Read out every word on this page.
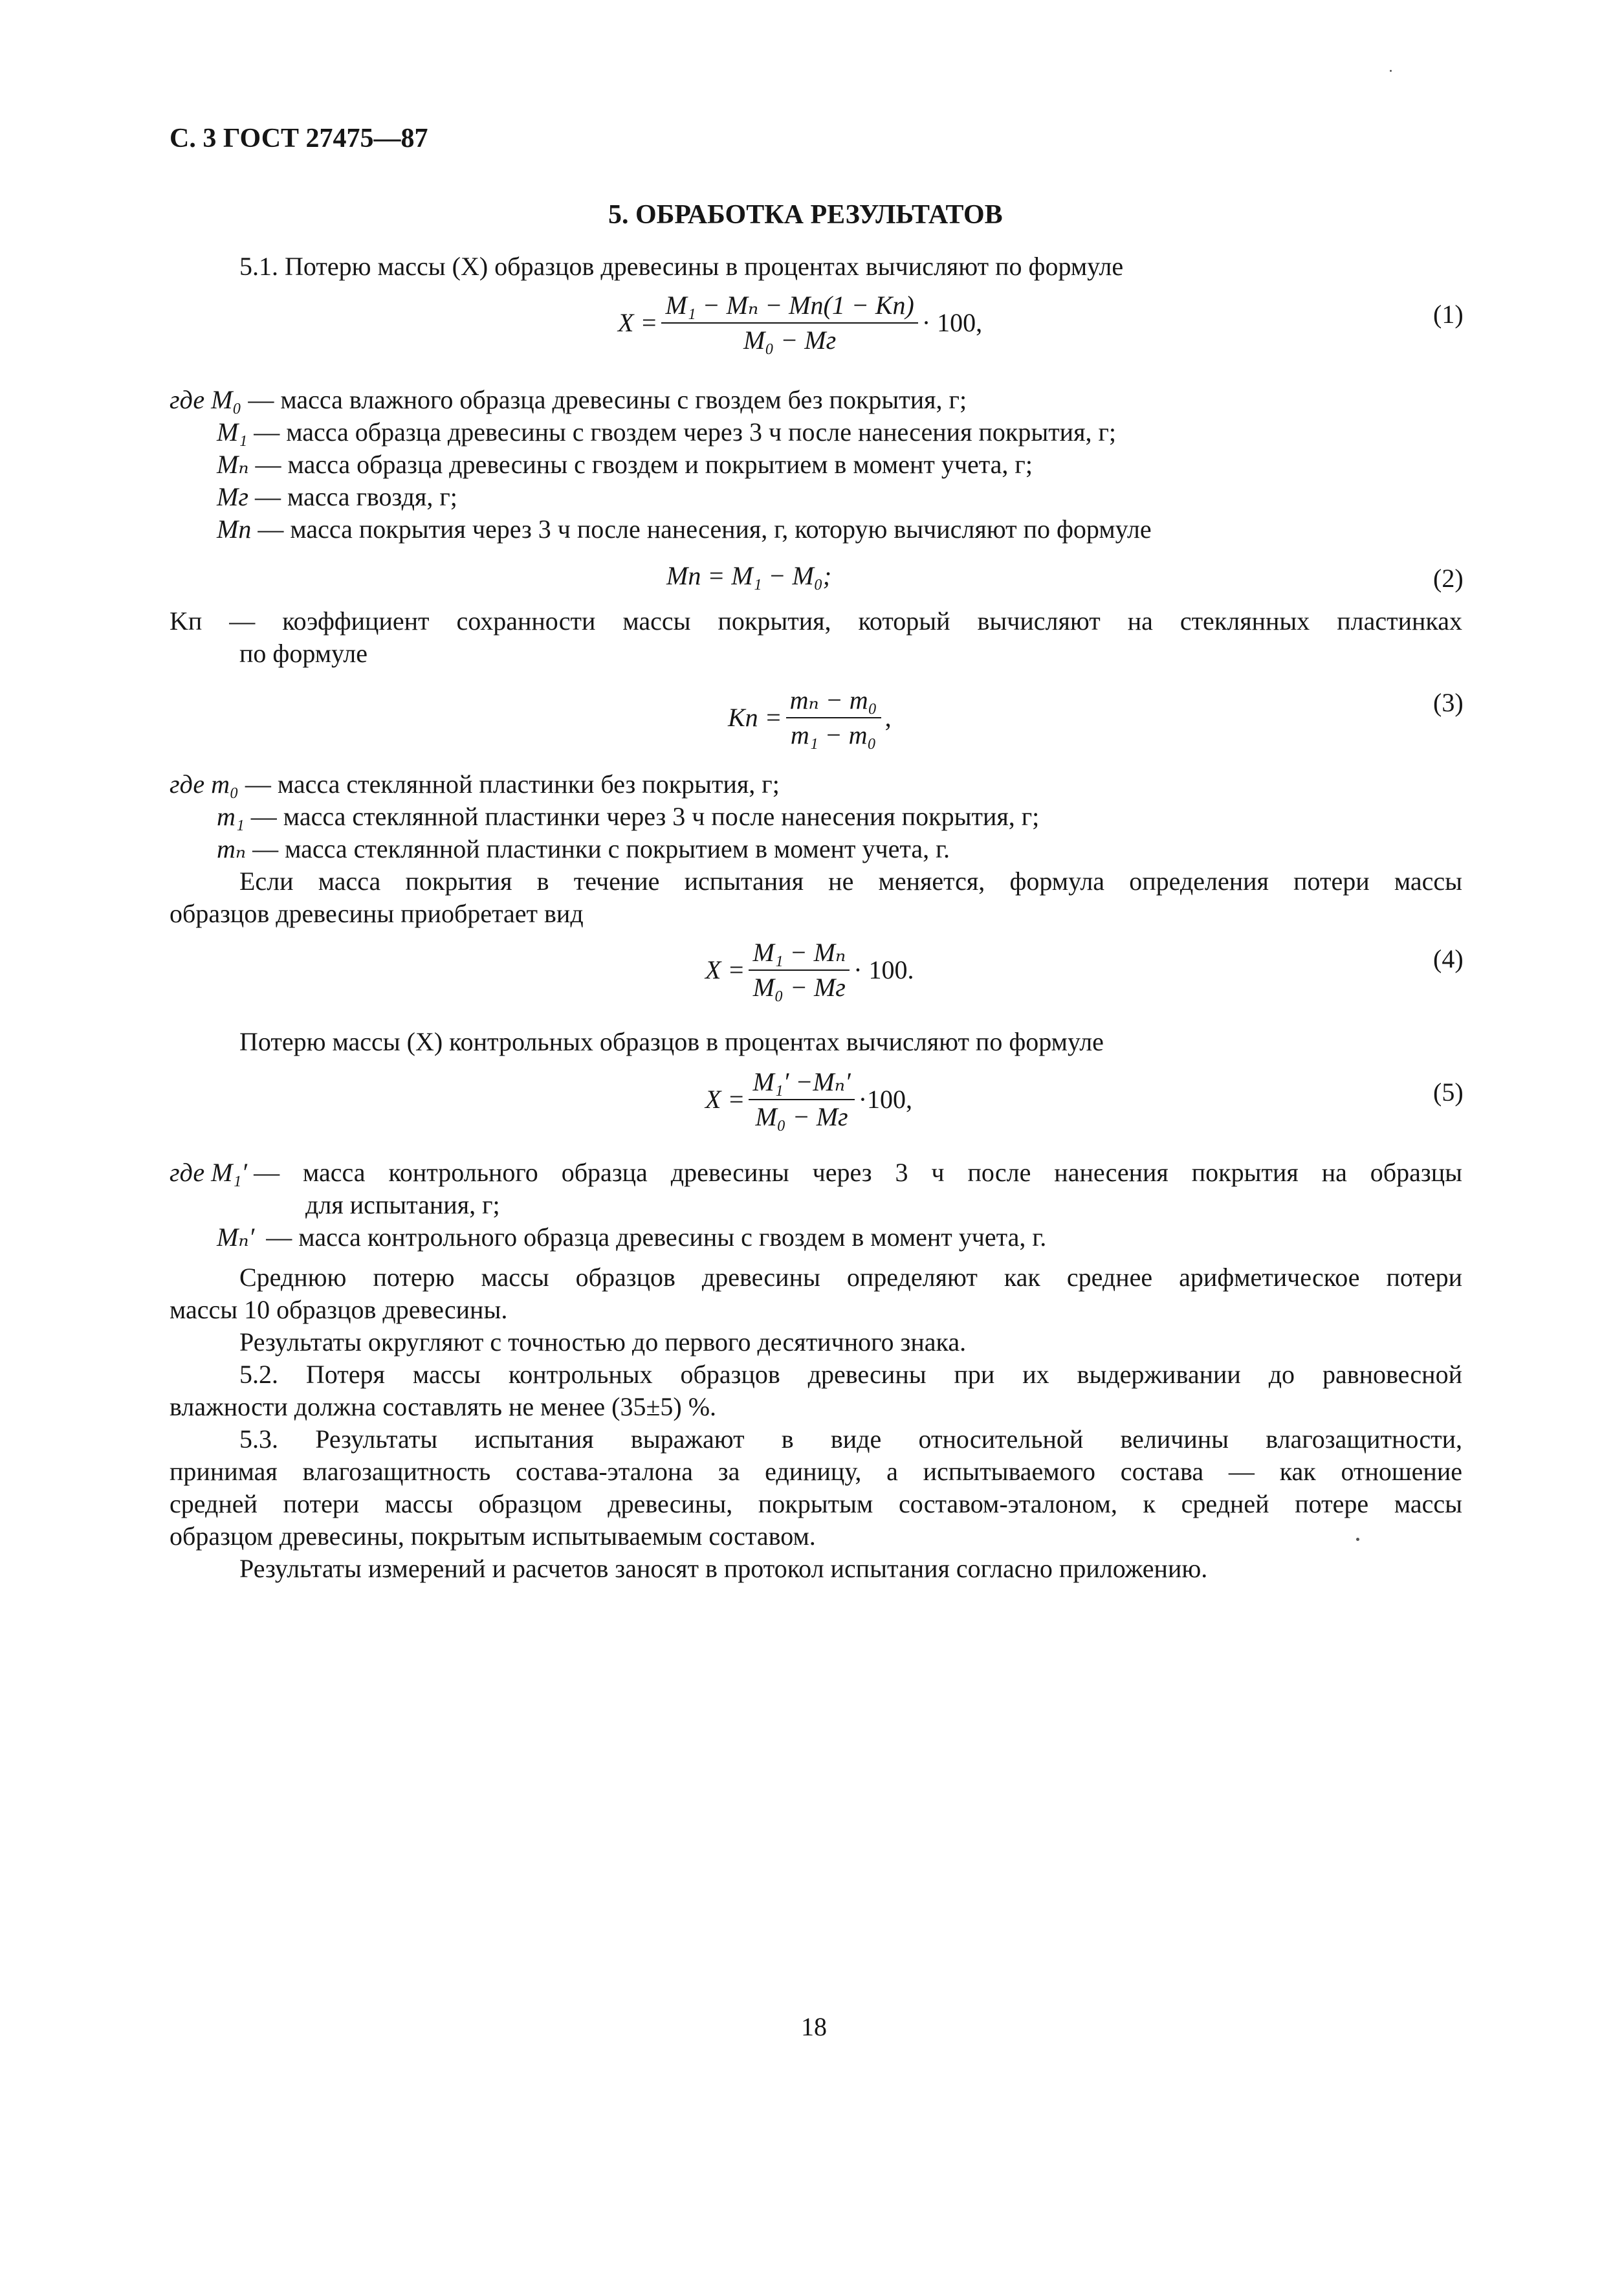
С. 3 ГОСТ 27475—87
5. ОБРАБОТКА РЕЗУЛЬТАТОВ
5.1. Потерю массы (X) образцов древесины в процентах вычисляют по формуле
$X = \frac{\text{M₁ − Mₙ − Mп(1 − Kп)}}{\text{M₀ − Mг}} \cdot 100$,	(1)
где M₀ — масса влажного образца древесины с гвоздем без покрытия, г;
M₁ — масса образца древесины с гвоздем через 3 ч после нанесения покрытия, г;
Mₙ — масса образца древесины с гвоздем и покрытием в момент учета, г;
Mг — масса гвоздя, г;
Mп — масса покрытия через 3 ч после нанесения, г, которую вычисляют по формуле
Mп = M₁ − M₀;	(2)
Kп — коэффициент сохранности массы покрытия, который вычисляют на стеклянных пластинках
по формуле
Kп = $\frac{\text{mₙ − m₀}}{\text{m₁ − m₀}}$ ,
(3)
где m₀ — масса стеклянной пластинки без покрытия, г;
m₁ — масса стеклянной пластинки через 3 ч после нанесения покрытия, г;
mₙ — масса стеклянной пластинки с покрытием в момент учета, г.
Если масса покрытия в течение испытания не меняется, формула определения потери массы
образцов древесины приобретает вид
$X = \frac{\text{M₁ − Mₙ}}{\text{M₀ − Mг}} \cdot 100$.	(4)
Потерю массы (X) контрольных образцов в процентах вычисляют по формуле
$X = \frac{\text{M₁′ −Mₙ′}}{\text{M₀ − Mг}} \cdot 100$,	(5)
где M₁′ — масса контрольного образца древесины через 3 ч после нанесения покрытия на образцы
для испытания, г;
Mₙ′ — масса контрольного образца древесины с гвоздем в момент учета, г.
Среднюю потерю массы образцов древесины определяют как среднее арифметическое потери
массы 10 образцов древесины.
Результаты округляют с точностью до первого десятичного знака.
5.2. Потеря массы контрольных образцов древесины при их выдерживании до равновесной
влажности должна составлять не менее (35±5) %.
5.3. Результаты испытания выражают в виде относительной величины влагозащитности,
принимая влагозащитность состава-эталона за единицу, а испытываемого состава — как отношение
средней потери массы образцом древесины, покрытым составом-эталоном, к средней потере массы
образцом древесины, покрытым испытываемым составом.
Результаты измерений и расчетов заносят в протокол испытания согласно приложению.
18
